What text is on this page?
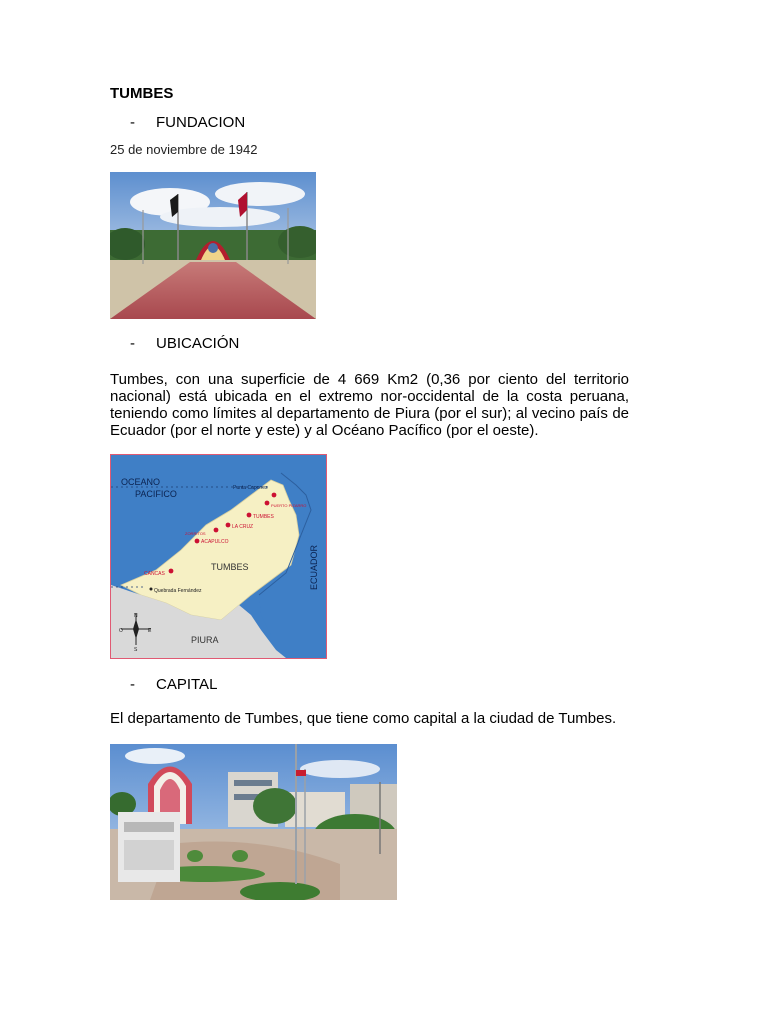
TUMBES
- FUNDACION
25 de noviembre de 1942
- UBICACIÓN
Tumbes, con una superficie de 4 669 Km2 (0,36 por ciento del territorio nacional) está ubicada en el extremo nor-occidental de la costa peruana, teniendo como límites al departamento de Piura (por el sur); al vecino país de Ecuador (por el norte y este) y al Océano Pacífico (por el oeste).
OCEANO
PACIFICO
Punta Capones
PUERTO PIZARRO
TUMBES
LA CRUZ
ZORRITOS
ACAPULCO
CANCAS
Quebrada Fernández
TUMBES
PIURA
ECUADOR
N
S
E
O
- CAPITAL
El departamento de Tumbes, que tiene como capital a la ciudad de Tumbes.
